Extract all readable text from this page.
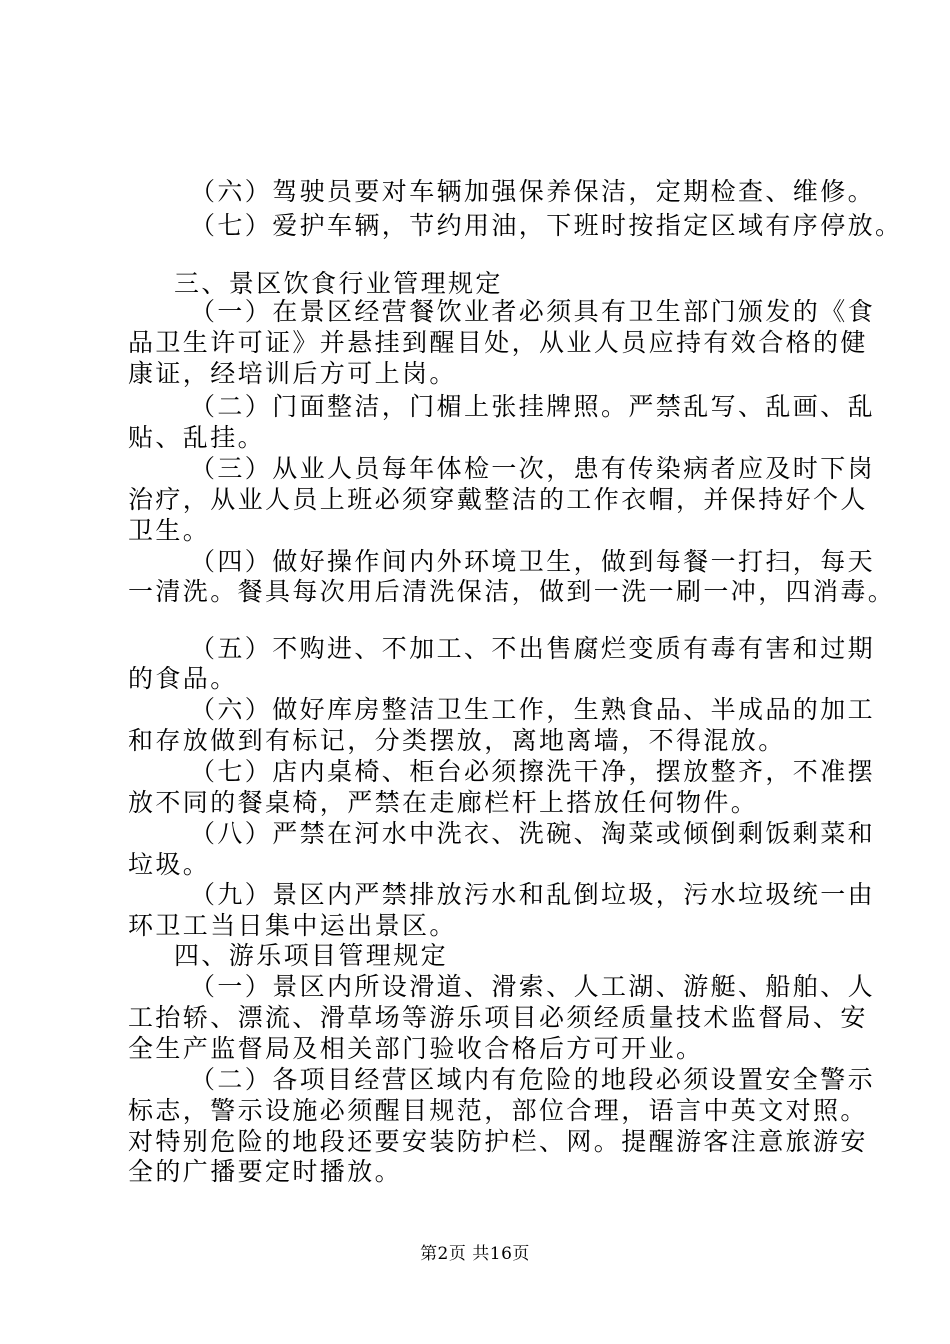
（六）驾驶员要对车辆加强保养保洁，定期检查、维修。
（七）爱护车辆，节约用油，下班时按指定区域有序停放。
三、景区饮食行业管理规定
（一）在景区经营餐饮业者必须具有卫生部门颁发的《食
品卫生许可证》并悬挂到醒目处，从业人员应持有效合格的健
康证，经培训后方可上岗。
（二）门面整洁，门楣上张挂牌照。严禁乱写、乱画、乱
贴、乱挂。
（三）从业人员每年体检一次，患有传染病者应及时下岗
治疗，从业人员上班必须穿戴整洁的工作衣帽，并保持好个人
卫生。
（四）做好操作间内外环境卫生，做到每餐一打扫，每天
一清洗。餐具每次用后清洗保洁，做到一洗一刷一冲，四消毒。
（五）不购进、不加工、不出售腐烂变质有毒有害和过期
的食品。
（六）做好库房整洁卫生工作，生熟食品、半成品的加工
和存放做到有标记，分类摆放，离地离墙，不得混放。
（七）店内桌椅、柜台必须擦洗干净，摆放整齐，不准摆
放不同的餐桌椅，严禁在走廊栏杆上搭放任何物件。
（八）严禁在河水中洗衣、洗碗、淘菜或倾倒剩饭剩菜和
垃圾。
（九）景区内严禁排放污水和乱倒垃圾，污水垃圾统一由
环卫工当日集中运出景区。
四、游乐项目管理规定
（一）景区内所设滑道、滑索、人工湖、游艇、船舶、人
工抬轿、漂流、滑草场等游乐项目必须经质量技术监督局、安
全生产监督局及相关部门验收合格后方可开业。
（二）各项目经营区域内有危险的地段必须设置安全警示
标志，警示设施必须醒目规范，部位合理，语言中英文对照。
对特别危险的地段还要安装防护栏、网。提醒游客注意旅游安
全的广播要定时播放。
第2页 共16页
